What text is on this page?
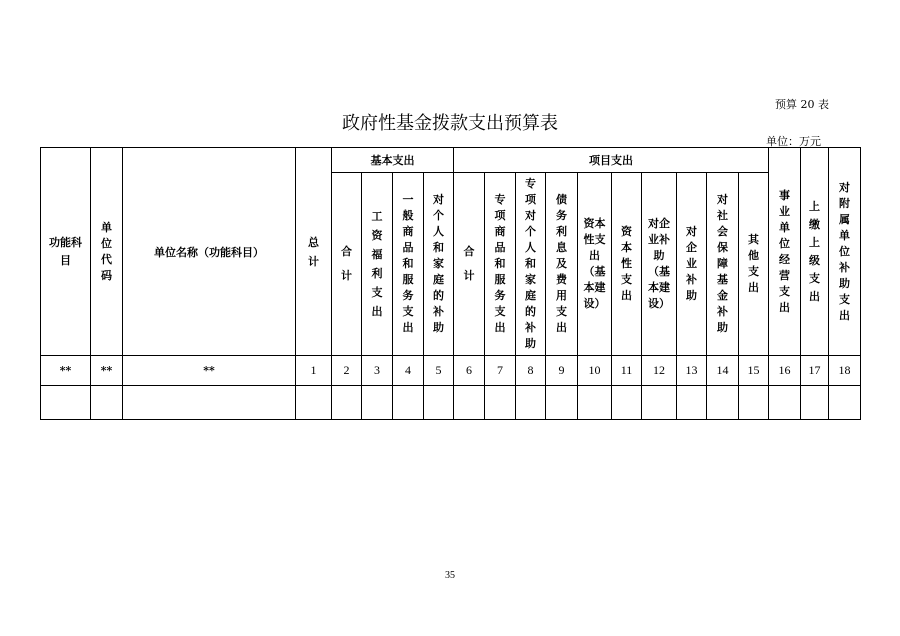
预算 20 表
政府性基金拨款支出预算表
单位：万元
功能科目	单位代码	单位名称（功能科目）	总计	基本支出				项目支出										事业单位经营支出	上缴上级支出	对附属单位补助支出
				合计	工资福利支出	一般商品和服务支出	对个人和家庭的补助	合计	专项商品和服务支出	专项对个人和家庭的补助	债务利息及费用支出	资本性支出（基本建设）	资本性支出	对企业补助（基本建设）	对企业补助	对社会保障基金补助	其他支出			
**	**	**	1	2	3	4	5	6	7	8	9	10	11	12	13	14	15	16	17	18

35
